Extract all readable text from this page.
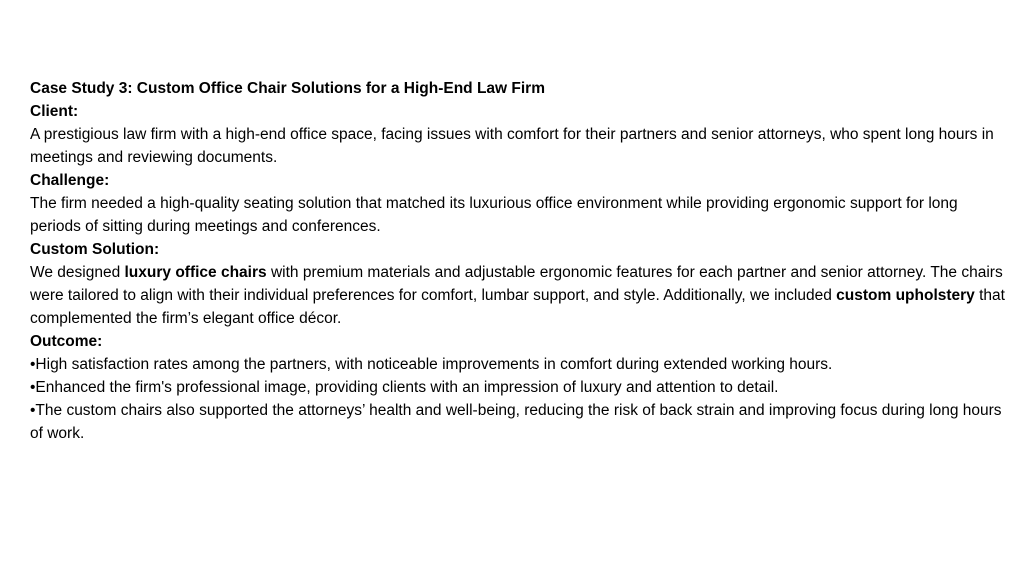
Case Study 3: Custom Office Chair Solutions for a High-End Law Firm

Client:

A prestigious law firm with a high-end office space, facing issues with comfort for their partners and senior attorneys, who spent long hours in meetings and reviewing documents.

Challenge:

The firm needed a high-quality seating solution that matched its luxurious office environment while providing ergonomic support for long periods of sitting during meetings and conferences.

Custom Solution:

We designed luxury office chairs with premium materials and adjustable ergonomic features for each partner and senior attorney. The chairs were tailored to align with their individual preferences for comfort, lumbar support, and style. Additionally, we included custom upholstery that complemented the firm’s elegant office décor.

Outcome:

•High satisfaction rates among the partners, with noticeable improvements in comfort during extended working hours.

•Enhanced the firm's professional image, providing clients with an impression of luxury and attention to detail.

•The custom chairs also supported the attorneys’ health and well-being, reducing the risk of back strain and improving focus during long hours of work.
